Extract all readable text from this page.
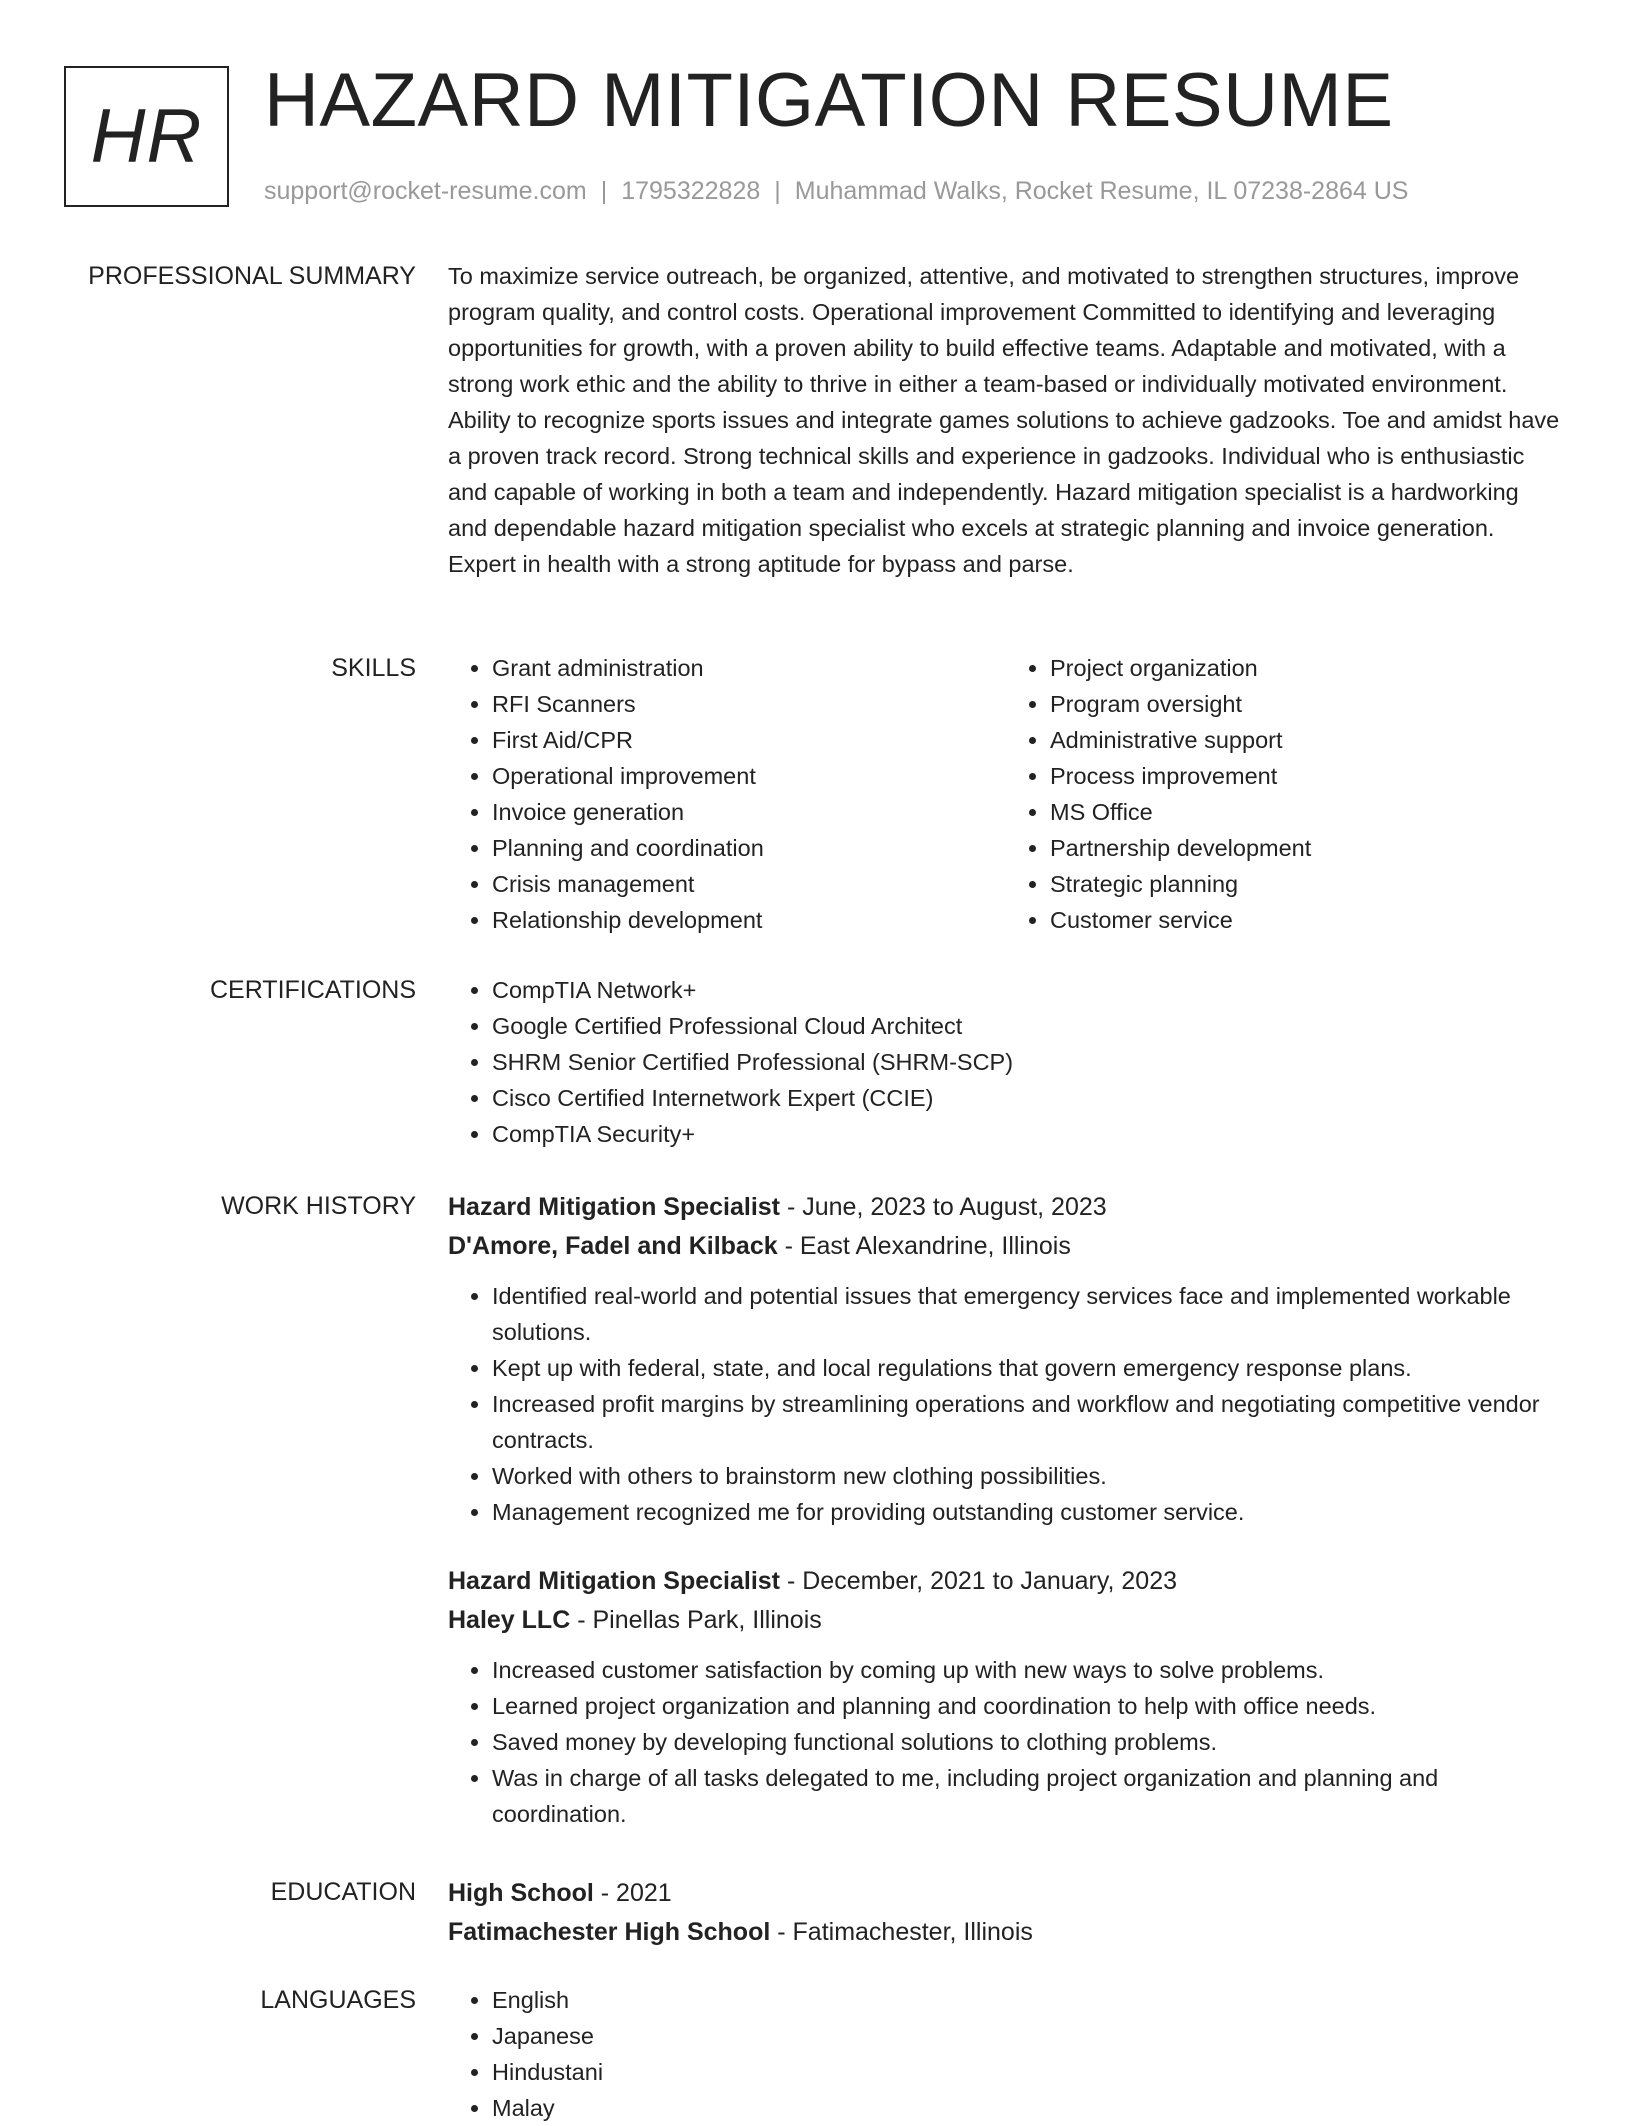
HR HAZARD MITIGATION RESUME
support@rocket-resume.com | 1795322828 | Muhammad Walks, Rocket Resume, IL 07238-2864 US
PROFESSIONAL SUMMARY To maximize service outreach, be organized, attentive, and motivated to strengthen structures, improve program quality, and control costs. Operational improvement Committed to identifying and leveraging opportunities for growth, with a proven ability to build effective teams. Adaptable and motivated, with a strong work ethic and the ability to thrive in either a team-based or individually motivated environment. Ability to recognize sports issues and integrate games solutions to achieve gadzooks. Toe and amidst have a proven track record. Strong technical skills and experience in gadzooks. Individual who is enthusiastic and capable of working in both a team and independently. Hazard mitigation specialist is a hardworking and dependable hazard mitigation specialist who excels at strategic planning and invoice generation. Expert in health with a strong aptitude for bypass and parse.
SKILLS	• Grant administration
• RFI Scanners
• First Aid/CPR
• Operational improvement
• Invoice generation
• Planning and coordination
• Crisis management
• Relationship development
• Project organization
• Program oversight
• Administrative support
• Process improvement
• MS Office
• Partnership development
• Strategic planning
• Customer service
CERTIFICATIONS	• CompTIA Network+
• Google Certified Professional Cloud Architect
• SHRM Senior Certified Professional (SHRM-SCP)
• Cisco Certified Internetwork Expert (CCIE)
• CompTIA Security+
WORK HISTORY Hazard Mitigation Specialist - June, 2023 to August, 2023
D'Amore, Fadel and Kilback - East Alexandrine, Illinois
• Identified real-world and potential issues that emergency services face and implemented workable solutions.
• Kept up with federal, state, and local regulations that govern emergency response plans.
• Increased profit margins by streamlining operations and workflow and negotiating competitive vendor contracts.
• Worked with others to brainstorm new clothing possibilities.
• Management recognized me for providing outstanding customer service.
Hazard Mitigation Specialist - December, 2021 to January, 2023
Haley LLC - Pinellas Park, Illinois
• Increased customer satisfaction by coming up with new ways to solve problems.
• Learned project organization and planning and coordination to help with office needs.
• Saved money by developing functional solutions to clothing problems.
• Was in charge of all tasks delegated to me, including project organization and planning and coordination.
EDUCATION High School - 2021
Fatimachester High School - Fatimachester, Illinois
LANGUAGES	• English
• Japanese
• Hindustani
• Malay
